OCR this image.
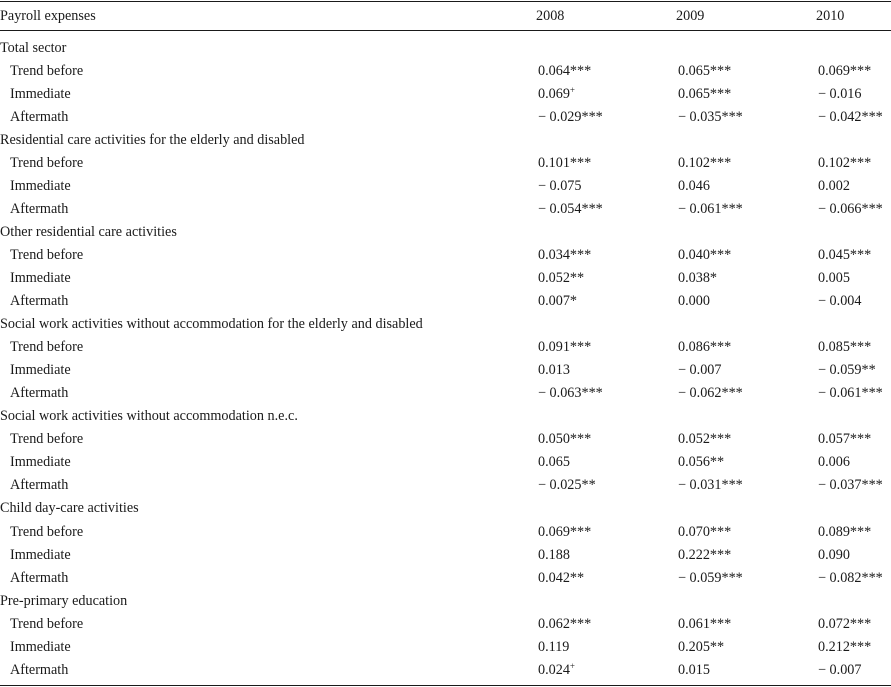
Payroll expenses	2008	2009	2010
Total sector
Trend before	0.064***	0.065***	0.069***
Immediate	0.069+	0.065***	− 0.016
Aftermath	− 0.029***	− 0.035***	− 0.042***
Residential care activities for the elderly and disabled
Trend before	0.101***	0.102***	0.102***
Immediate	− 0.075	0.046	0.002
Aftermath	− 0.054***	− 0.061***	− 0.066***
Other residential care activities
Trend before	0.034***	0.040***	0.045***
Immediate	0.052**	0.038*	0.005
Aftermath	0.007*	0.000	− 0.004
Social work activities without accommodation for the elderly and disabled
Trend before	0.091***	0.086***	0.085***
Immediate	0.013	− 0.007	− 0.059**
Aftermath	− 0.063***	− 0.062***	− 0.061***
Social work activities without accommodation n.e.c.
Trend before	0.050***	0.052***	0.057***
Immediate	0.065	0.056**	0.006
Aftermath	− 0.025**	− 0.031***	− 0.037***
Child day-care activities
Trend before	0.069***	0.070***	0.089***
Immediate	0.188	0.222***	0.090
Aftermath	0.042**	− 0.059***	− 0.082***
Pre-primary education
Trend before	0.062***	0.061***	0.072***
Immediate	0.119	0.205**	0.212***
Aftermath	0.024+	0.015	− 0.007
